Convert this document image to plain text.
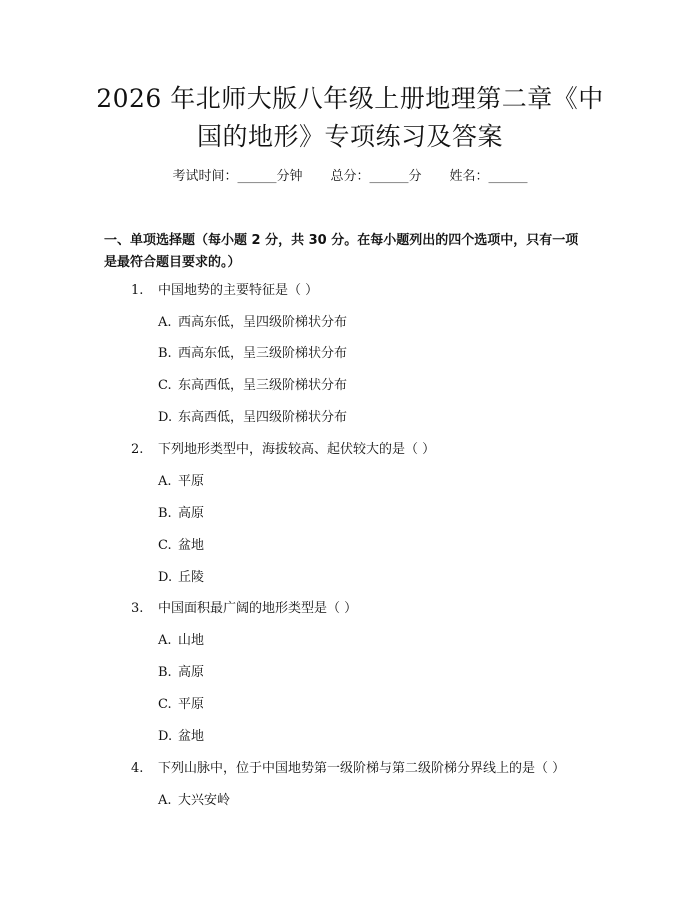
2026 年北师大版八年级上册地理第二章《中
国的地形》专项练习及答案
考试时间：______分钟 总分：______分 姓名：______
一、单项选择题（每小题 2 分，共 30 分。在每小题列出的四个选项中，只有一项
是最符合题目要求的。）
1. 中国地势的主要特征是（ ）
A. 西高东低，呈四级阶梯状分布
B. 西高东低，呈三级阶梯状分布
C. 东高西低，呈三级阶梯状分布
D. 东高西低，呈四级阶梯状分布
2. 下列地形类型中，海拔较高、起伏较大的是（ ）
A. 平原
B. 高原
C. 盆地
D. 丘陵
3. 中国面积最广阔的地形类型是（ ）
A. 山地
B. 高原
C. 平原
D. 盆地
4. 下列山脉中，位于中国地势第一级阶梯与第二级阶梯分界线上的是（ ）
A. 大兴安岭
